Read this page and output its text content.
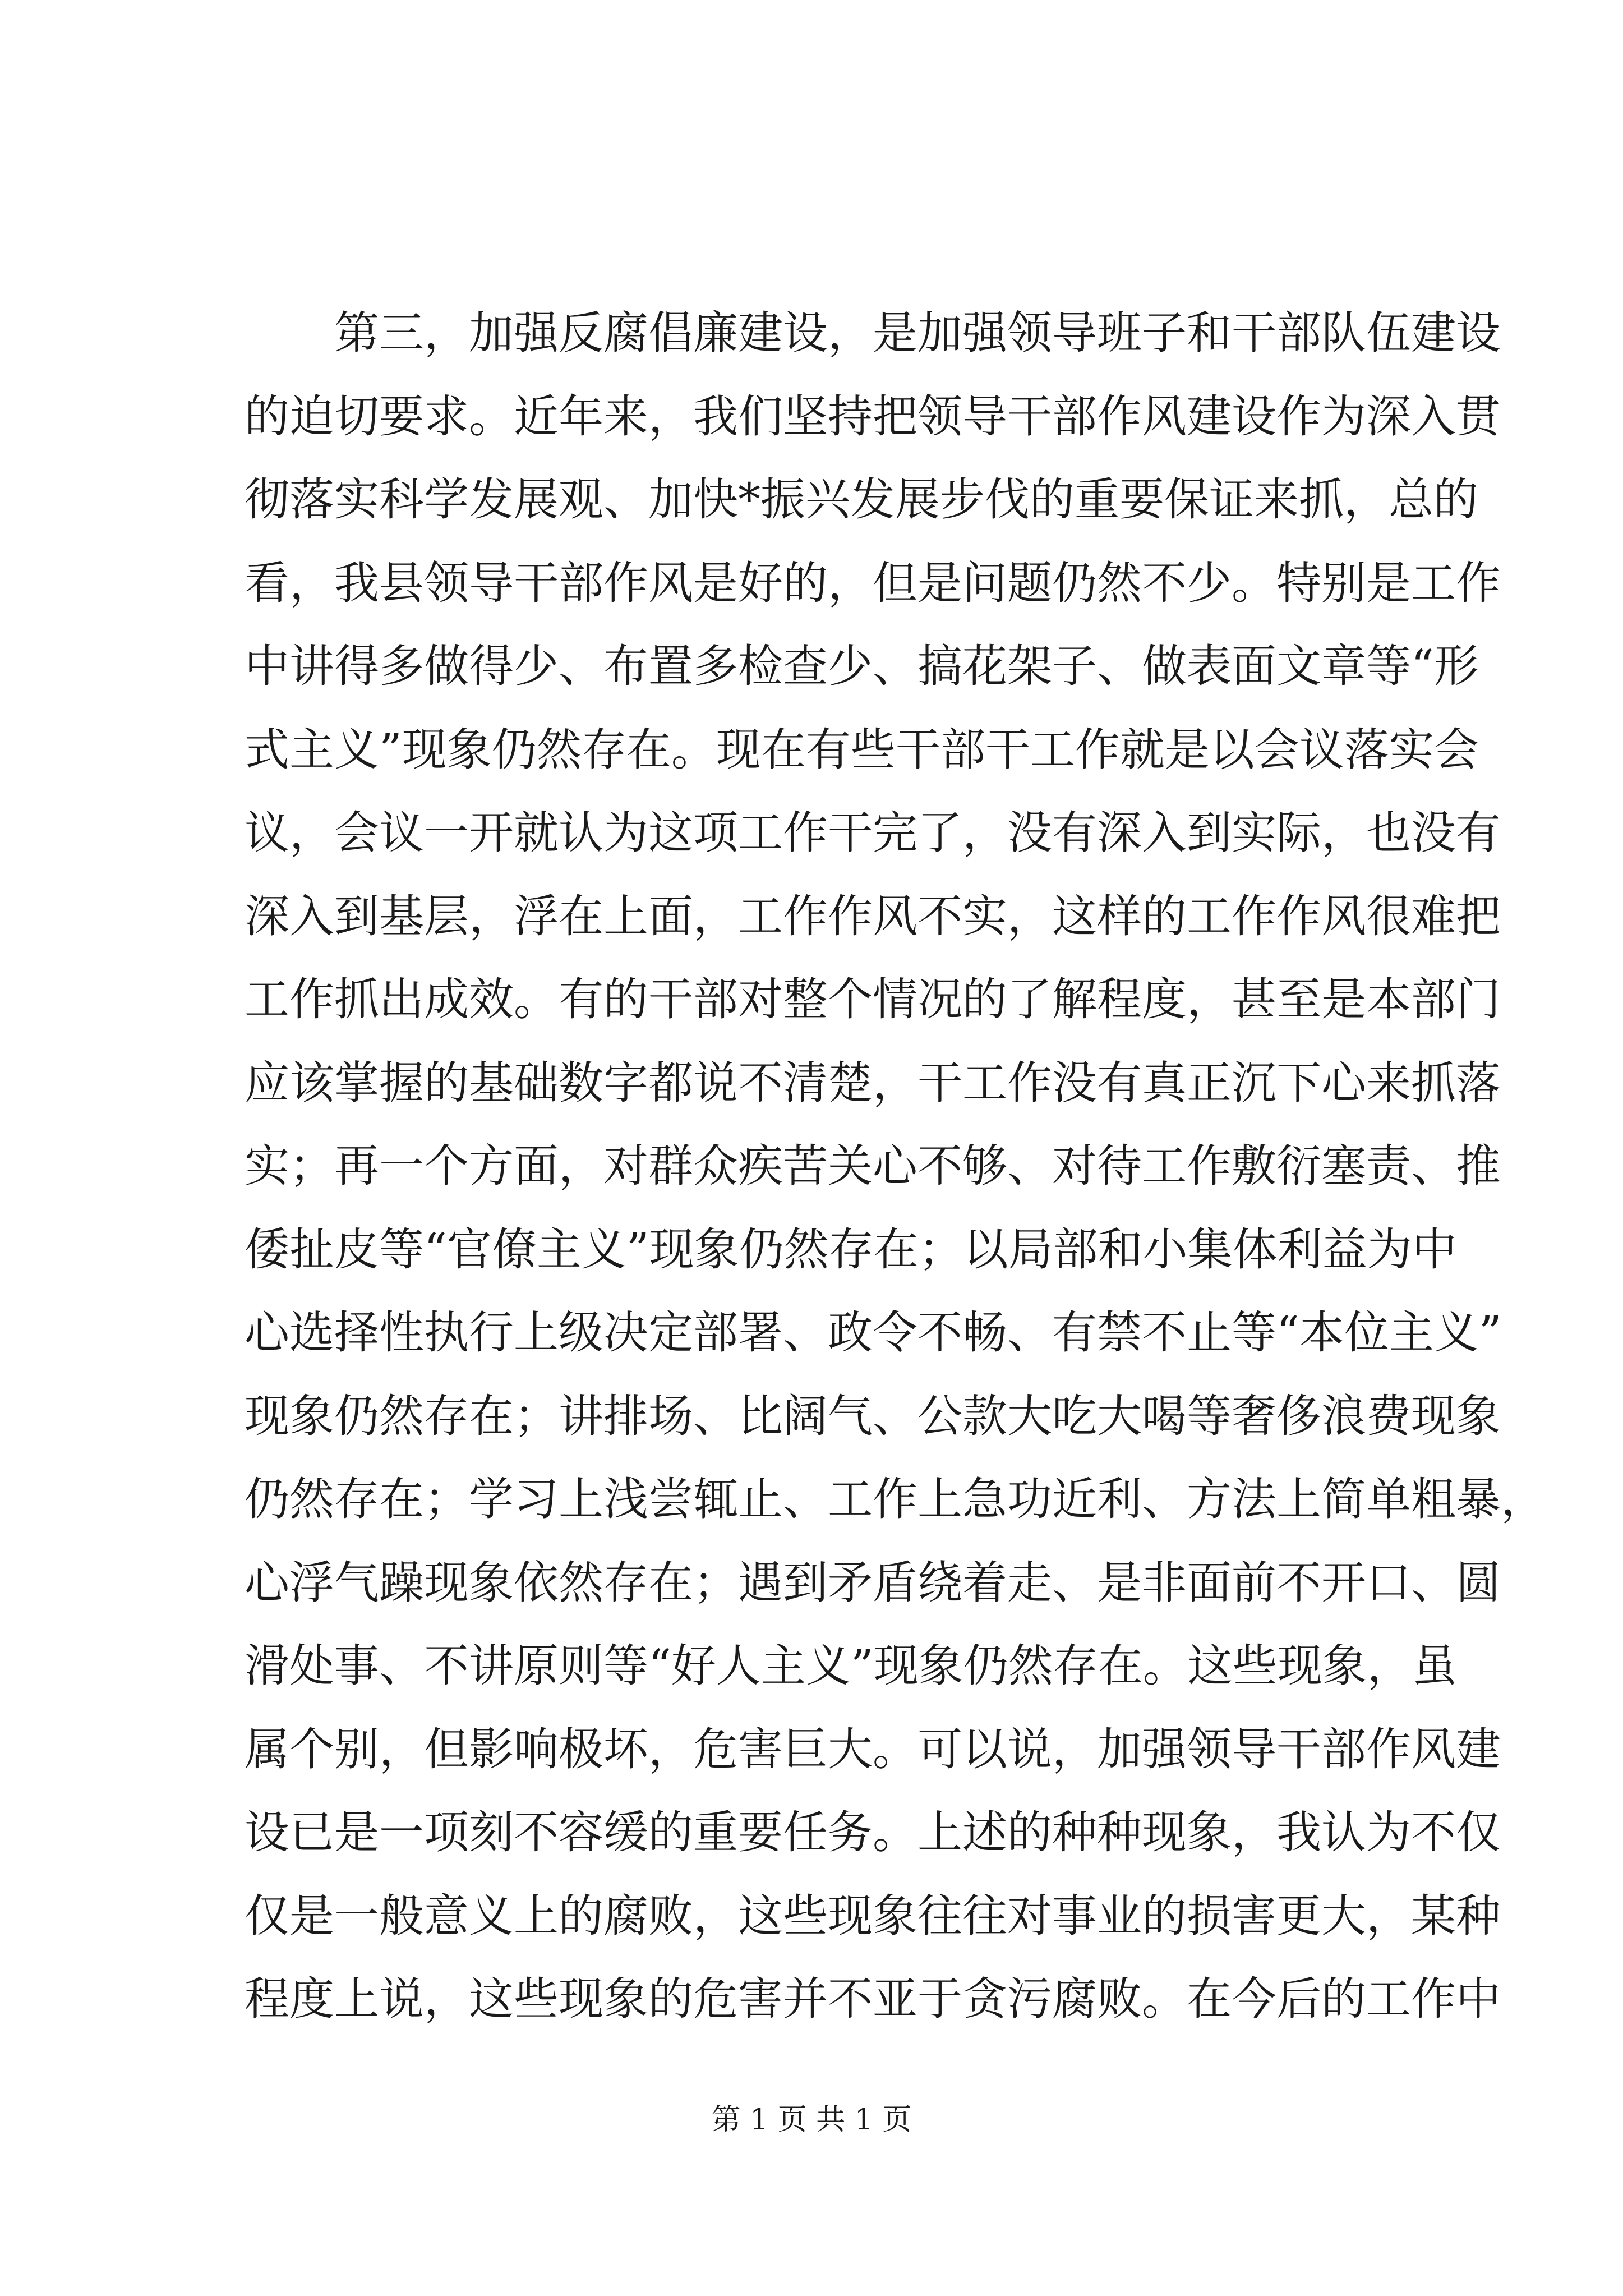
第三，加强反腐倡廉建设，是加强领导班子和干部队伍建设
的迫切要求。近年来，我们坚持把领导干部作风建设作为深入贯
彻落实科学发展观、加快*振兴发展步伐的重要保证来抓，总的
看，我县领导干部作风是好的，但是问题仍然不少。特别是工作
中讲得多做得少、布置多检查少、搞花架子、做表面文章等“形
式主义”现象仍然存在。现在有些干部干工作就是以会议落实会
议，会议一开就认为这项工作干完了，没有深入到实际，也没有
深入到基层，浮在上面，工作作风不实，这样的工作作风很难把
工作抓出成效。有的干部对整个情况的了解程度，甚至是本部门
应该掌握的基础数字都说不清楚，干工作没有真正沉下心来抓落
实；再一个方面，对群众疾苦关心不够、对待工作敷衍塞责、推
倭扯皮等“官僚主义”现象仍然存在；以局部和小集体利益为中
心选择性执行上级决定部署、政令不畅、有禁不止等“本位主义”
现象仍然存在；讲排场、比阔气、公款大吃大喝等奢侈浪费现象
仍然存在；学习上浅尝辄止、工作上急功近利、方法上简单粗暴，
心浮气躁现象依然存在；遇到矛盾绕着走、是非面前不开口、圆
滑处事、不讲原则等“好人主义”现象仍然存在。这些现象，虽
属个别，但影响极坏，危害巨大。可以说，加强领导干部作风建
设已是一项刻不容缓的重要任务。上述的种种现象，我认为不仅
仅是一般意义上的腐败，这些现象往往对事业的损害更大，某种
程度上说，这些现象的危害并不亚于贪污腐败。在今后的工作中
第 1 页 共 1 页
